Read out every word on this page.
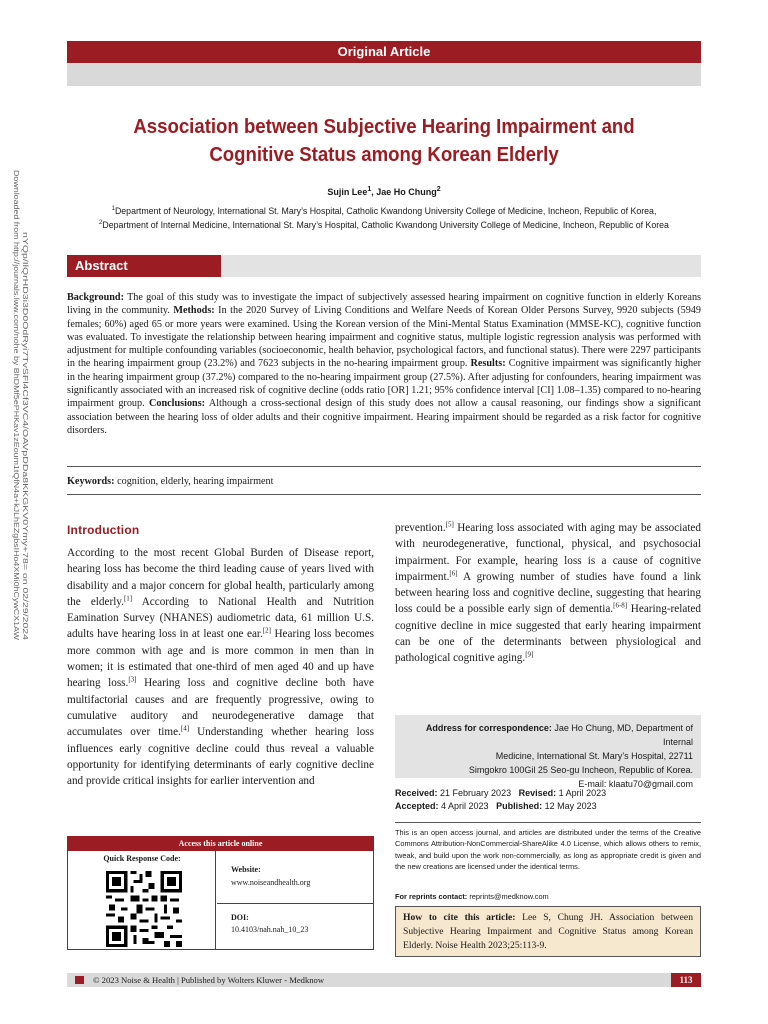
Original Article
Downloaded from http://journals.lww.com/nohe by BhDMf5ePHKav1zEoum1tQfN4a+kJLhEZgbsIHo4XMi0hCywCX1AW nYQp/IlQrHD3i3D0OdRyi7TvSFl4Cf3VC4/OAVpDDa8KKGKV0Ymy+78= on 02/29/2024
Association between Subjective Hearing Impairment and
Cognitive Status among Korean Elderly
Sujin Lee$^1$, Jae Ho Chung$^2$
$^1$Department of Neurology, International St. Mary’s Hospital, Catholic Kwandong University College of Medicine, Incheon, Republic of Korea,
$^2$Department of Internal Medicine, International St. Mary’s Hospital, Catholic Kwandong University College of Medicine, Incheon, Republic of Korea
Abstract
Background: The goal of this study was to investigate the impact of subjectively assessed hearing impairment on cognitive function in elderly Koreans living in the community. Methods: In the 2020 Survey of Living Conditions and Welfare Needs of Korean Older Persons Survey, 9920 subjects (5949 females; 60%) aged 65 or more years were examined. Using the Korean version of the Mini-Mental Status Examination (MMSE-KC), cognitive function was evaluated. To investigate the relationship between hearing impairment and cognitive status, multiple logistic regression analysis was performed with adjustment for multiple confounding variables (socioeconomic, health behavior, psychological factors, and functional status). There were 2297 participants in the hearing impairment group (23.2%) and 7623 subjects in the no-hearing impairment group. Results: Cognitive impairment was significantly higher in the hearing impairment group (37.2%) compared to the no-hearing impairment group (27.5%). After adjusting for confounders, hearing impairment was significantly associated with an increased risk of cognitive decline (odds ratio [OR] 1.21; 95% confidence interval [CI] 1.08–1.35) compared to no-hearing impairment group. Conclusions: Although a cross-sectional design of this study does not allow a causal reasoning, our findings show a significant association between the hearing loss of older adults and their cognitive impairment. Hearing impairment should be regarded as a risk factor for cognitive disorders.
Keywords: cognition, elderly, hearing impairment
Introduction
According to the most recent Global Burden of Disease report, hearing loss has become the third leading cause of years lived with disability and a major concern for global health, particularly among the elderly.[1] According to National Health and Nutrition Eamination Survey (NHANES) audiometric data, 61 million U.S. adults have hearing loss in at least one ear.[2] Hearing loss becomes more common with age and is more common in men than in women; it is estimated that one-third of men aged 40 and up have hearing loss.[3] Hearing loss and cognitive decline both have multifactorial causes and are frequently progressive, owing to cumulative auditory and neurodegenerative damage that accumulates over time.[4] Understanding whether hearing loss influences early cognitive decline could thus reveal a valuable opportunity for identifying determinants of early cognitive decline and provide critical insights for earlier intervention and
prevention.[5] Hearing loss associated with aging may be associated with neurodegenerative, functional, physical, and psychosocial impairment. For example, hearing loss is a cause of cognitive impairment.[6] A growing number of studies have found a link between hearing loss and cognitive decline, suggesting that hearing loss could be a possible early sign of dementia.[6-8] Hearing-related cognitive decline in mice suggested that early hearing impairment can be one of the determinants between physiological and pathological cognitive aging.[9]
Address for correspondence: Jae Ho Chung, MD, Department of Internal
Medicine, International St. Mary’s Hospital, 22711
Simgokro 100Gil 25 Seo-gu Incheon, Republic of Korea.
E-mail: klaatu70@gmail.com
Received: 21 February 2023 Revised: 1 April 2023
Accepted: 4 April 2023 Published: 12 May 2023
This is an open access journal, and articles are distributed under the terms of the Creative Commons Attribution-NonCommercial-ShareAlike 4.0 License, which allows others to remix, tweak, and build upon the work non-commercially, as long as appropriate credit is given and the new creations are licensed under the identical terms.
For reprints contact: reprints@medknow.com
How to cite this article: Lee S, Chung JH. Association between Subjective Hearing Impairment and Cognitive Status among Korean Elderly. Noise Health 2023;25:113-9.
Access this article online
Quick Response Code:
Website:
www.noiseandhealth.org
DOI:
10.4103/nah.nah_10_23
© 2023 Noise & Health | Published by Wolters Kluwer - Medknow	113
